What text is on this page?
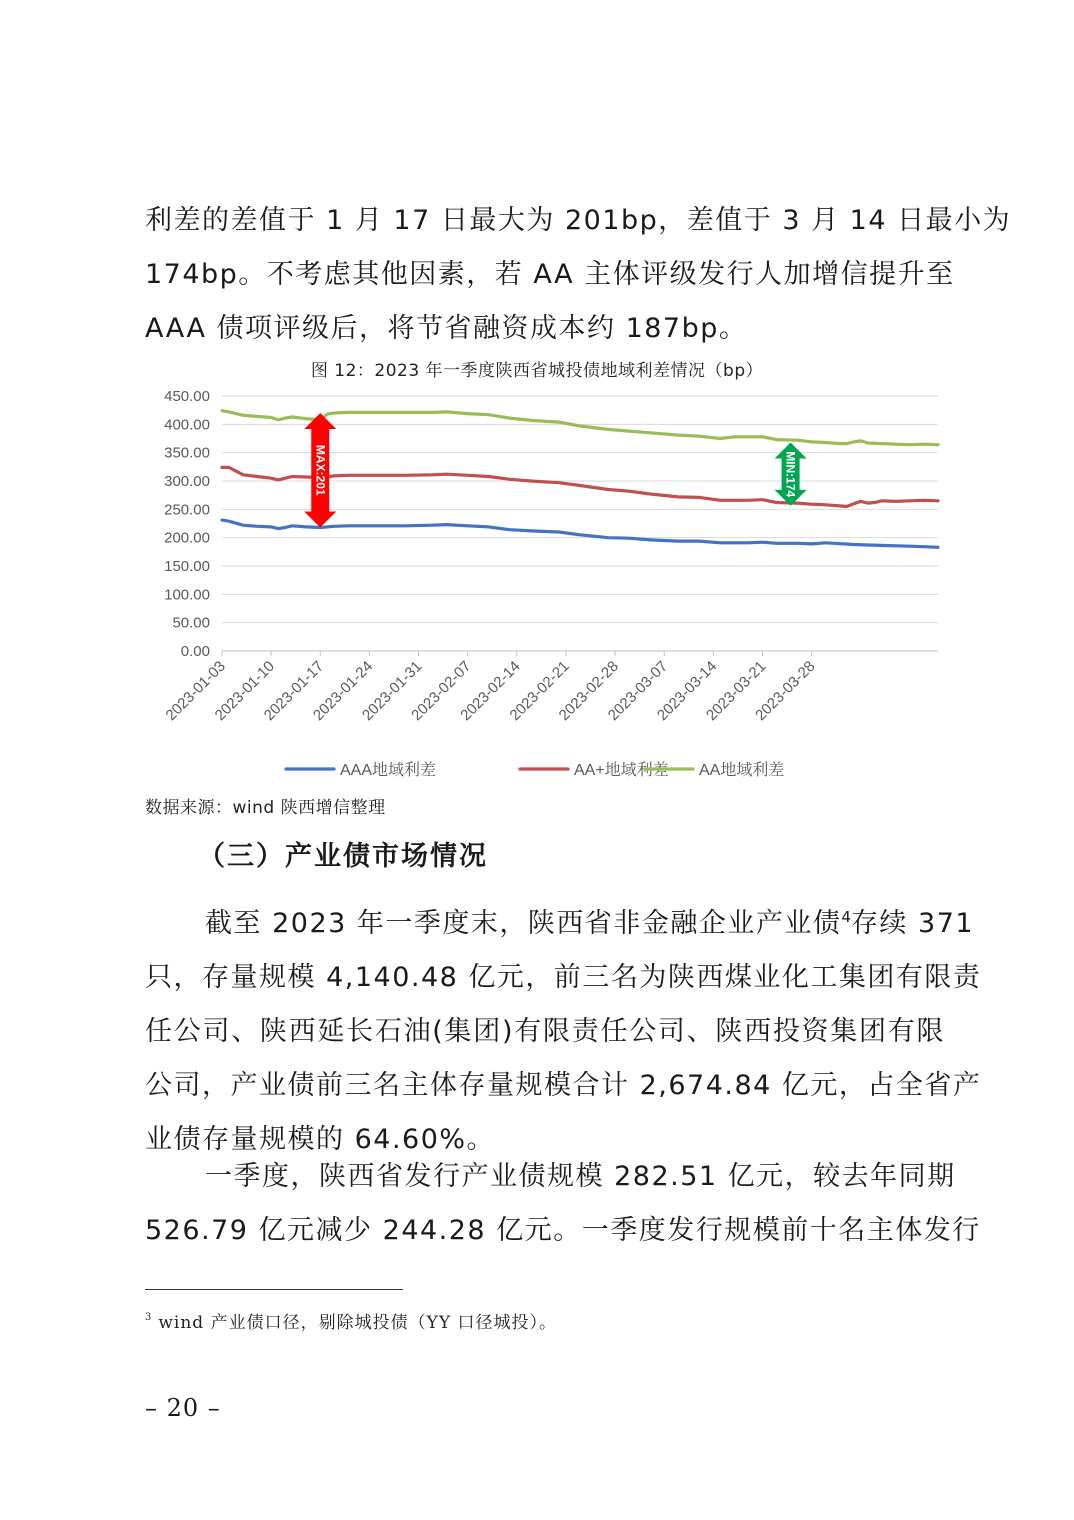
利差的差值于 1 月 17 日最大为 201bp，差值于 3 月 14 日最小为
174bp。不考虑其他因素，若 AA 主体评级发行人加增信提升至
AAA 债项评级后，将节省融资成本约 187bp。

图 12：2023 年一季度陕西省城投债地域利差情况（bp）
0.00
50.00
100.00
150.00
200.00
250.00
300.00
350.00
400.00
450.00
2023-01-03
2023-01-10
2023-01-17
2023-01-24
2023-01-31
2023-02-07
2023-02-14
2023-02-21
2023-02-28
2023-03-07
2023-03-14
2023-03-21
2023-03-28
MAX:201	MIN:174
AAA地域利差	AA+地域利差 AA地域利差
数据来源：wind 陕西增信整理
（三）产业债市场情况

截至 2023 年一季度末，陕西省非金融企业产业债$^4$存续 371
只，存量规模 4,140.48 亿元，前三名为陕西煤业化工集团有限责
任公司、陕西延长石油(集团)有限责任公司、陕西投资集团有限
公司，产业债前三名主体存量规模合计 2,674.84 亿元，占全省产
业债存量规模的 64.60%。

一季度，陕西省发行产业债规模 282.51 亿元，较去年同期
526.79 亿元减少 244.28 亿元。一季度发行规模前十名主体发行

$^3$ wind 产业债口径，剔除城投债（YY 口径城投）。
– 20 –
